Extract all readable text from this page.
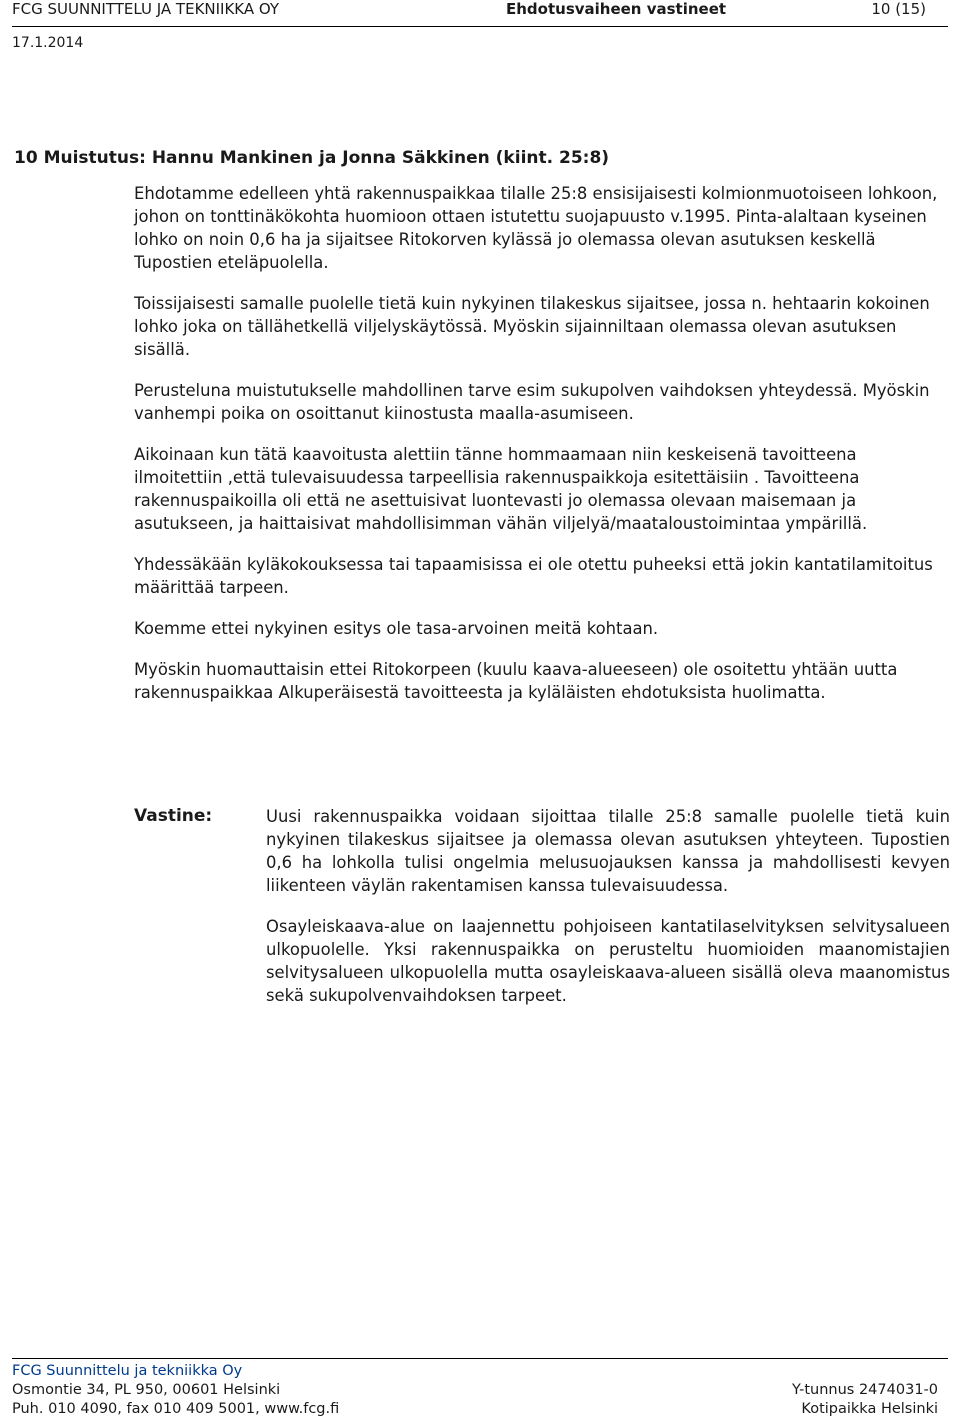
FCG SUUNNITTELU JA TEKNIIKKA OY	Ehdotusvaiheen vastineet	10 (15)
17.1.2014
10 Muistutus: Hannu Mankinen ja Jonna Säkkinen (kiint. 25:8)

Ehdotamme edelleen yhtä rakennuspaikkaa tilalle 25:8 ensisijaisesti kolmionmuotoiseen lohkoon, johon on tonttinäkökohta huomioon ottaen istutettu suojapuusto v.1995. Pinta-alaltaan kyseinen lohko on noin 0,6 ha ja sijaitsee Ritokorven kylässä jo olemassa olevan asutuksen keskellä Tupostien eteläpuolella.

Toissijaisesti samalle puolelle tietä kuin nykyinen tilakeskus sijaitsee, jossa n. hehtaarin kokoinen lohko joka on tällähetkellä viljelyskäytössä. Myöskin sijainniltaan olemassa olevan asutuksen sisällä.

Perusteluna muistutukselle mahdollinen tarve esim sukupolven vaihdoksen yhteydessä. Myöskin vanhempi poika on osoittanut kiinostusta maalla-asumiseen.

Aikoinaan kun tätä kaavoitusta alettiin tänne hommaamaan niin keskeisenä tavoitteena ilmoitettiin ,että tulevaisuudessa tarpeellisia rakennuspaikkoja esitettäisiin . Tavoitteena rakennuspaikoilla oli että ne asettuisivat luontevasti jo olemassa olevaan maisemaan ja asutukseen, ja haittaisivat mahdollisimman vähän viljelyä/maataloustoimintaa ympärillä.

Yhdessäkään kyläkokouksessa tai tapaamisissa ei ole otettu puheeksi että jokin kantatilamitoitus määrittää tarpeen.

Koemme ettei nykyinen esitys ole tasa-arvoinen meitä kohtaan.

Myöskin huomauttaisin ettei Ritokorpeen (kuulu kaava-alueeseen) ole osoitettu yhtään uutta rakennuspaikkaa Alkuperäisestä tavoitteesta ja kyläläisten ehdotuksista huolimatta.

Vastine:	Uusi rakennuspaikka voidaan sijoittaa tilalle 25:8 samalle puolelle tietä kuin nykyinen tilakeskus sijaitsee ja olemassa olevan asutuksen yhteyteen. Tupostien 0,6 ha lohkolla tulisi ongelmia melusuojauksen kanssa ja mahdollisesti kevyen liikenteen väylän rakentamisen kanssa tulevaisuudessa.

Osayleiskaava-alue on laajennettu pohjoiseen kantatilaselvityksen selvitysalueen ulkopuolelle. Yksi rakennuspaikka on perusteltu huomioiden maanomistajien selvitysalueen ulkopuolella mutta osayleiskaava-alueen sisällä oleva maanomistus sekä sukupolvenvaihdoksen tarpeet.

FCG Suunnittelu ja tekniikka Oy
Osmontie 34, PL 950, 00601 Helsinki	Y-tunnus 2474031-0
Puh. 010 4090, fax 010 409 5001, www.fcg.fi	Kotipaikka Helsinki
